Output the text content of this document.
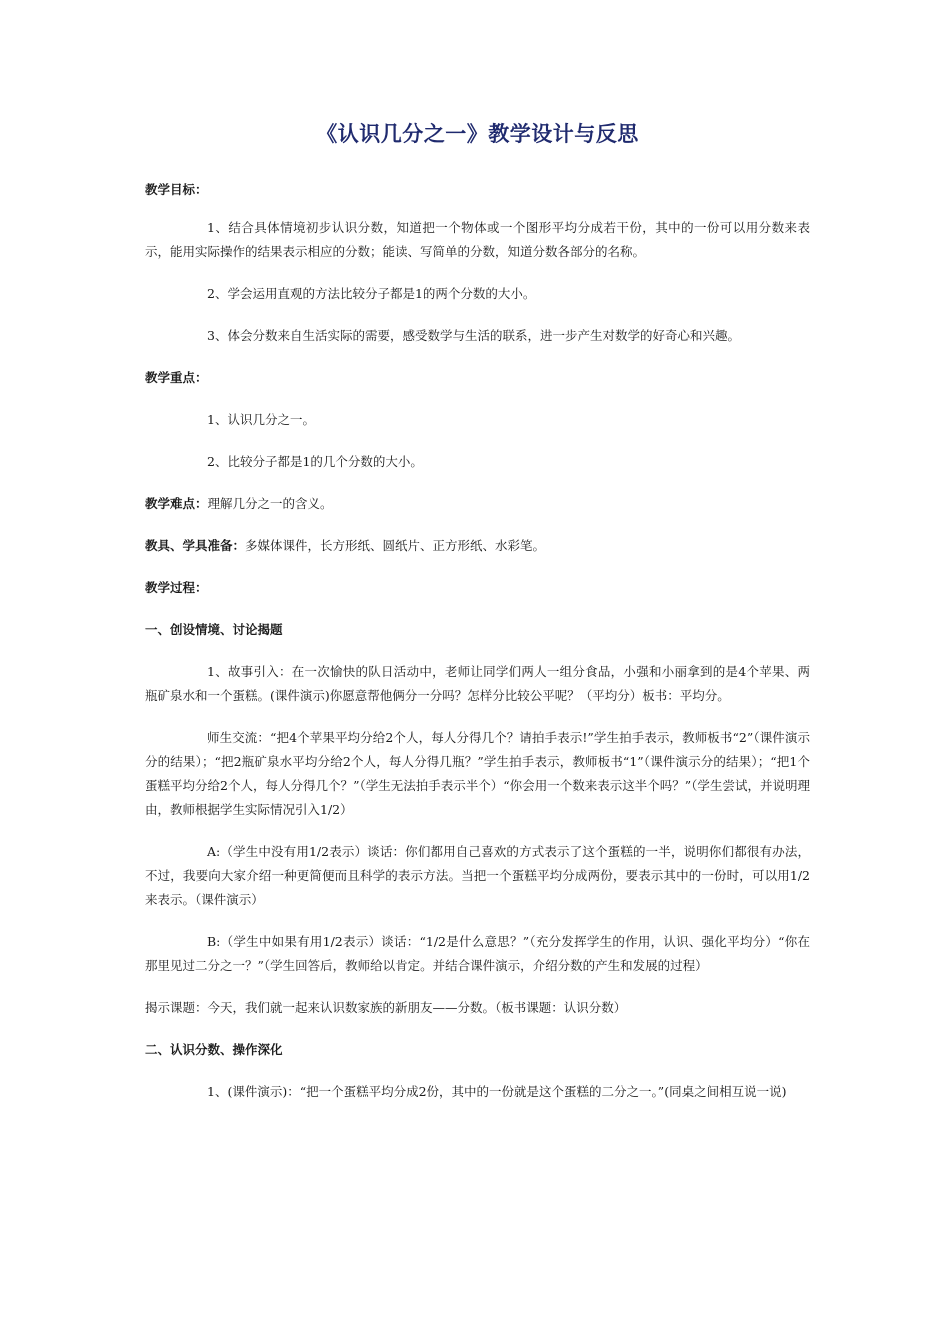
《认识几分之一》教学设计与反思

教学目标：

1、结合具体情境初步认识分数，知道把一个物体或一个图形平均分成若干份，其中的一份可以用分数来表示，能用实际操作的结果表示相应的分数；能读、写简单的分数，知道分数各部分的名称。

2、学会运用直观的方法比较分子都是1的两个分数的大小。

3、体会分数来自生活实际的需要，感受数学与生活的联系，进一步产生对数学的好奇心和兴趣。

教学重点：

1、认识几分之一。

2、比较分子都是1的几个分数的大小。

教学难点：理解几分之一的含义。

教具、学具准备：多媒体课件，长方形纸、圆纸片、正方形纸、水彩笔。

教学过程：

一、创设情境、讨论揭题

1、故事引入：在一次愉快的队日活动中，老师让同学们两人一组分食品，小强和小丽拿到的是4个苹果、两瓶矿泉水和一个蛋糕。(课件演示)你愿意帮他俩分一分吗？怎样分比较公平呢？（平均分）板书：平均分。

师生交流：“把4个苹果平均分给2个人，每人分得几个？请拍手表示!”学生拍手表示，教师板书“2”（课件演示分的结果）；“把2瓶矿泉水平均分给2个人，每人分得几瓶？”学生拍手表示，教师板书“1”（课件演示分的结果）；“把1个蛋糕平均分给2个人，每人分得几个？”（学生无法拍手表示半个）“你会用一个数来表示这半个吗？”（学生尝试，并说明理由，教师根据学生实际情况引入1/2）

A:（学生中没有用1/2表示）谈话：你们都用自己喜欢的方式表示了这个蛋糕的一半，说明你们都很有办法，不过，我要向大家介绍一种更简便而且科学的表示方法。当把一个蛋糕平均分成两份，要表示其中的一份时，可以用1/2来表示。（课件演示）

B:（学生中如果有用1/2表示）谈话：“1/2是什么意思？”（充分发挥学生的作用，认识、强化平均分）“你在那里见过二分之一？”（学生回答后，教师给以肯定。并结合课件演示，介绍分数的产生和发展的过程）

揭示课题：今天，我们就一起来认识数家族的新朋友——分数。（板书课题：认识分数）

二、认识分数、操作深化

1、(课件演示)：“把一个蛋糕平均分成2份，其中的一份就是这个蛋糕的二分之一。”(同桌之间相互说一说)
